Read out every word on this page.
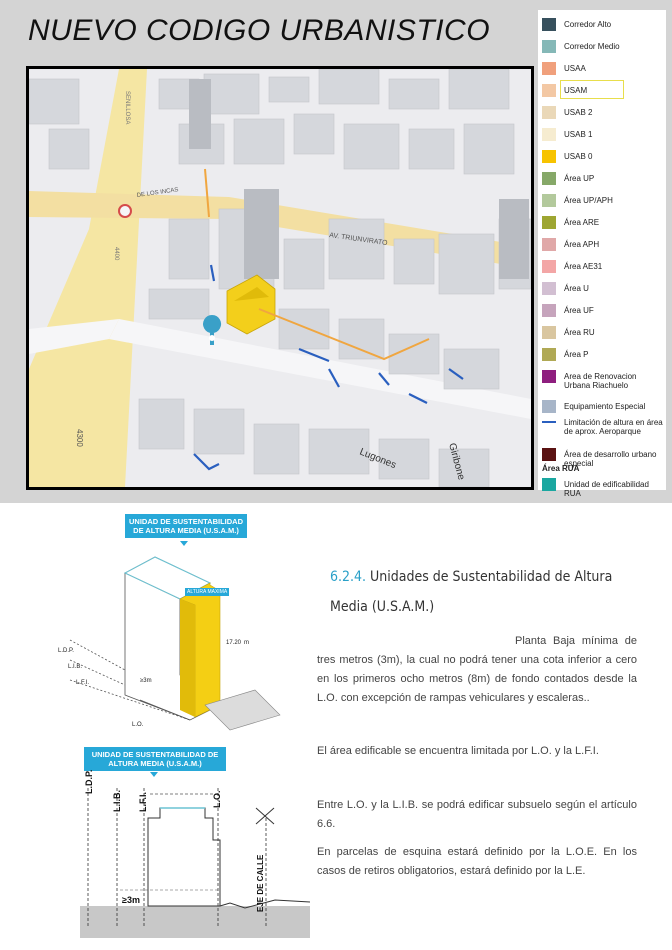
NUEVO CODIGO URBANISTICO
SENILLOSA
DE LOS INCAS
AV. TRIUNVIRATO
Lugones	Giribone
4400
4300
Corredor Alto
Corredor Medio
USAA
USAM
USAB 2
USAB 1
USAB 0
Área UP
Área UP/APH
Área ARE
Área APH
Área AE31
Área U
Área UF
Área RU
Área P
Area de Renovacion Urbana Riachuelo
Equipamiento Especial
Limitación de altura en área de aprox. Aeroparque
Área de desarrollo urbano especial
Unidad de edificabilidad RUA
Área RUA
UNIDAD DE SUSTENTABILIDAD DE ALTURA MEDIA (U.S.A.M.)
ALTURA MAXIMA
17.20 m
L.D.P.
L.I.B.
L.F.I.	≥3m
L.O.
UNIDAD DE SUSTENTABILIDAD DE ALTURA MEDIA (U.S.A.M.)
L.D.P.
L.I.B. L.F.I.	L.O.
≥3m	EJE DE CALLE
6.2.4. Unidades de Sustentabilidad de Altura Media (U.S.A.M.)
Planta Baja mínima de tres metros (3m), la cual no podrá tener una cota inferior a cero en los primeros ocho metros (8m) de fondo contados desde la L.O. con excepción de rampas vehiculares y escaleras..
El área edificable se encuentra limitada por L.O. y la L.F.I.
Entre L.O. y la L.I.B. se podrá edificar subsuelo según el artículo 6.6.
En parcelas de esquina estará definido por la L.O.E. En los casos de retiros obligatorios, estará definido por la L.E.
